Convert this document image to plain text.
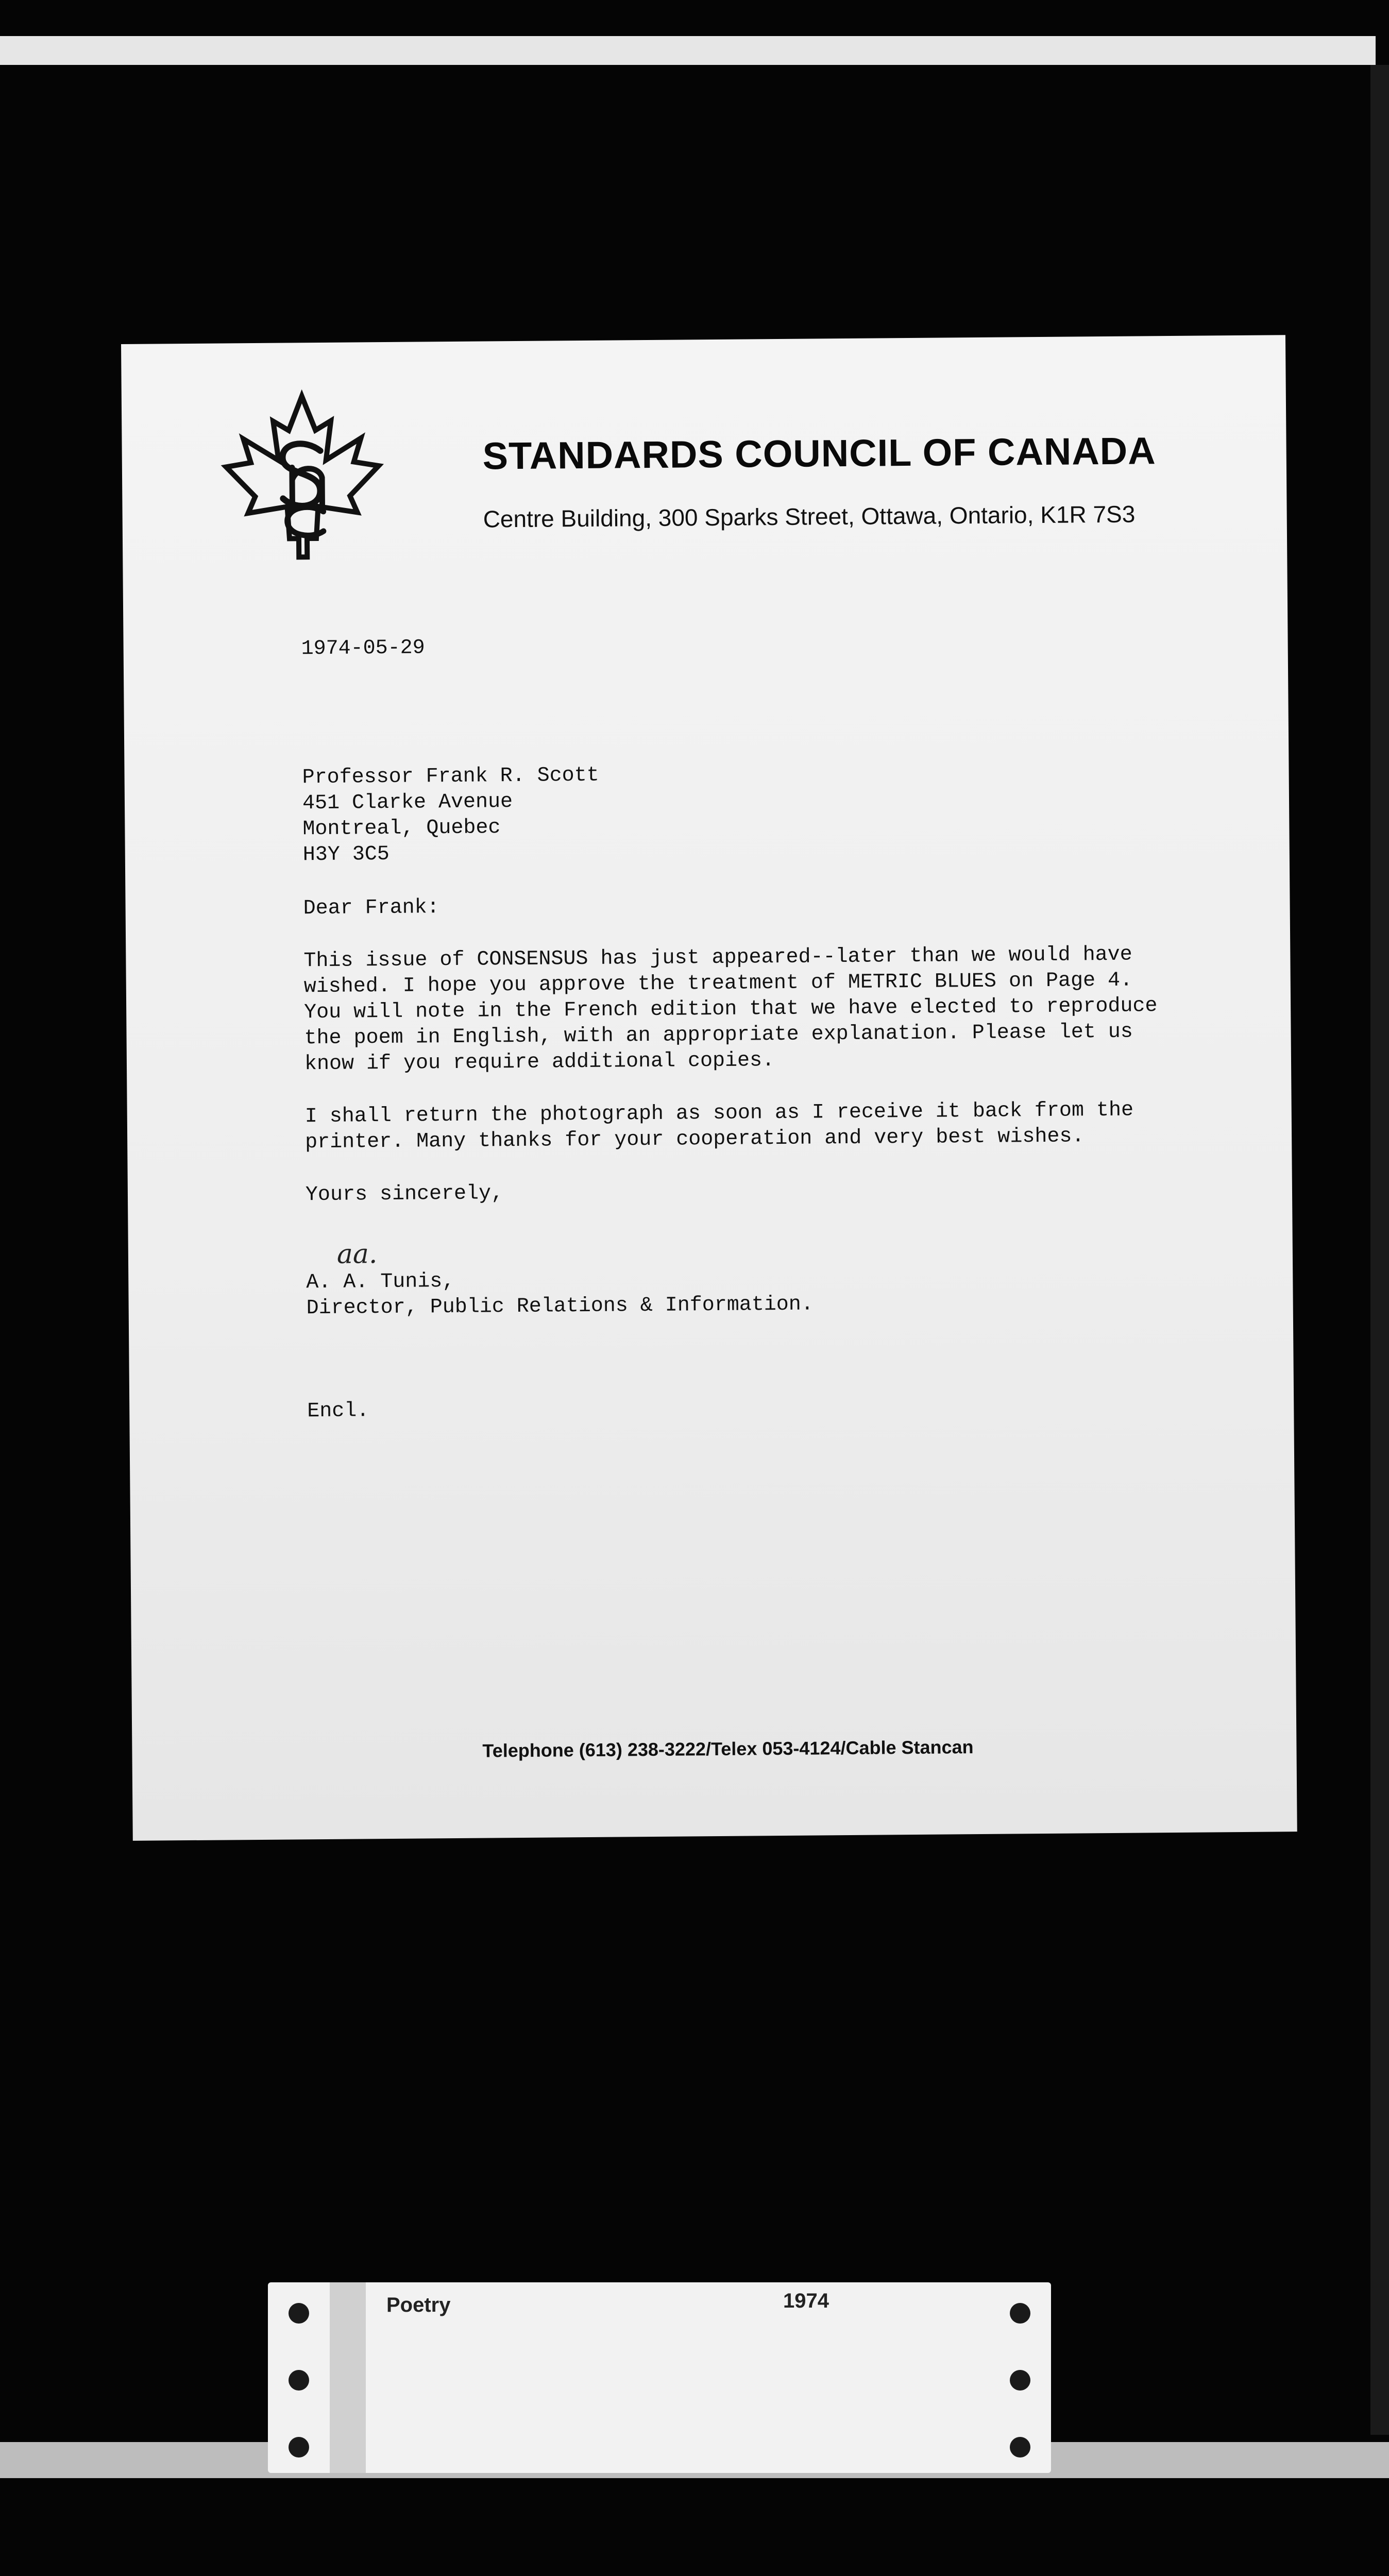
STANDARDS COUNCIL OF CANADA

Centre Building, 300 Sparks Street, Ottawa, Ontario, K1R 7S3

1974-05-29

Professor Frank R. Scott

451 Clarke Avenue

Montreal, Quebec

H3Y 3C5

Dear Frank:

This issue of CONSENSUS has just appeared--later than we would have
wished. I hope you approve the treatment of METRIC BLUES on Page 4.
You will note in the French edition that we have elected to reproduce
the poem in English, with an appropriate explanation. Please let us
know if you require additional copies.

I shall return the photograph as soon as I receive it back from the
printer. Many thanks for your cooperation and very best wishes.

Yours sincerely,

aa.

A. A. Tunis,

Director, Public Relations & Information.

Encl.

Telephone (613) 238-3222/Telex 053-4124/Cable Stancan

Poetry	1974
